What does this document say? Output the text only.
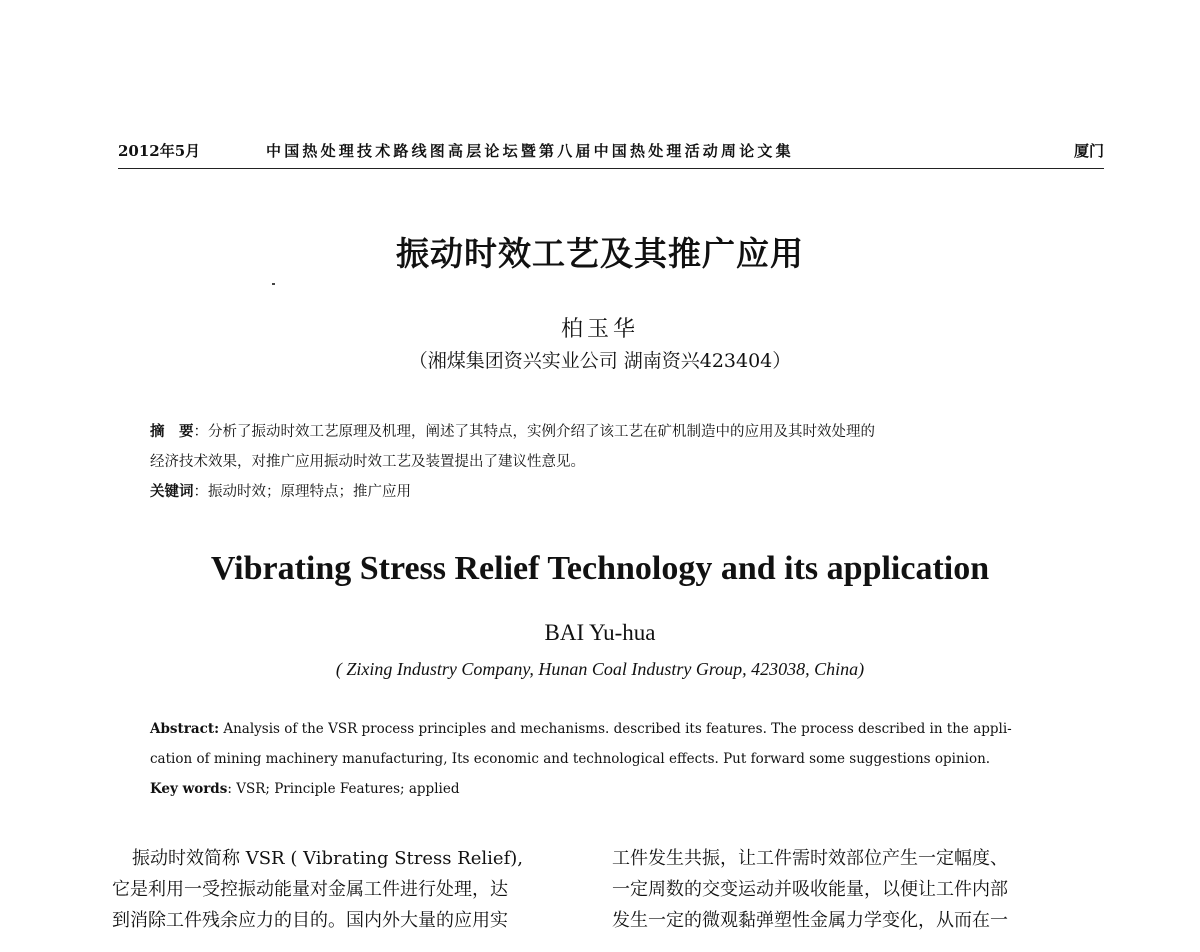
2012年5月	中国热处理技术路线图高层论坛暨第八届中国热处理活动周论文集	厦门
振动时效工艺及其推广应用
柏玉华
（湘煤集团资兴实业公司 湖南资兴423404）
摘　要：分析了振动时效工艺原理及机理，阐述了其特点，实例介绍了该工艺在矿机制造中的应用及其时效处理的
经济技术效果，对推广应用振动时效工艺及装置提出了建议性意见。
关键词：振动时效；原理特点；推广应用
Vibrating Stress Relief Technology and its application
BAI Yu-hua
( Zixing Industry Company, Hunan Coal Industry Group, 423038, China)
Abstract: Analysis of the VSR process principles and mechanisms. described its features. The process described in the appli-
cation of mining machinery manufacturing, Its economic and technological effects. Put forward some suggestions opinion.
Key words: VSR; Principle Features; applied
振动时效简称 VSR ( Vibrating Stress Relief),
它是利用一受控振动能量对金属工件进行处理，达
到消除工件残余应力的目的。国内外大量的应用实
工件发生共振，让工件需时效部位产生一定幅度、
一定周数的交变运动并吸收能量，以便让工件内部
发生一定的微观黏弹塑性金属力学变化，从而在一
